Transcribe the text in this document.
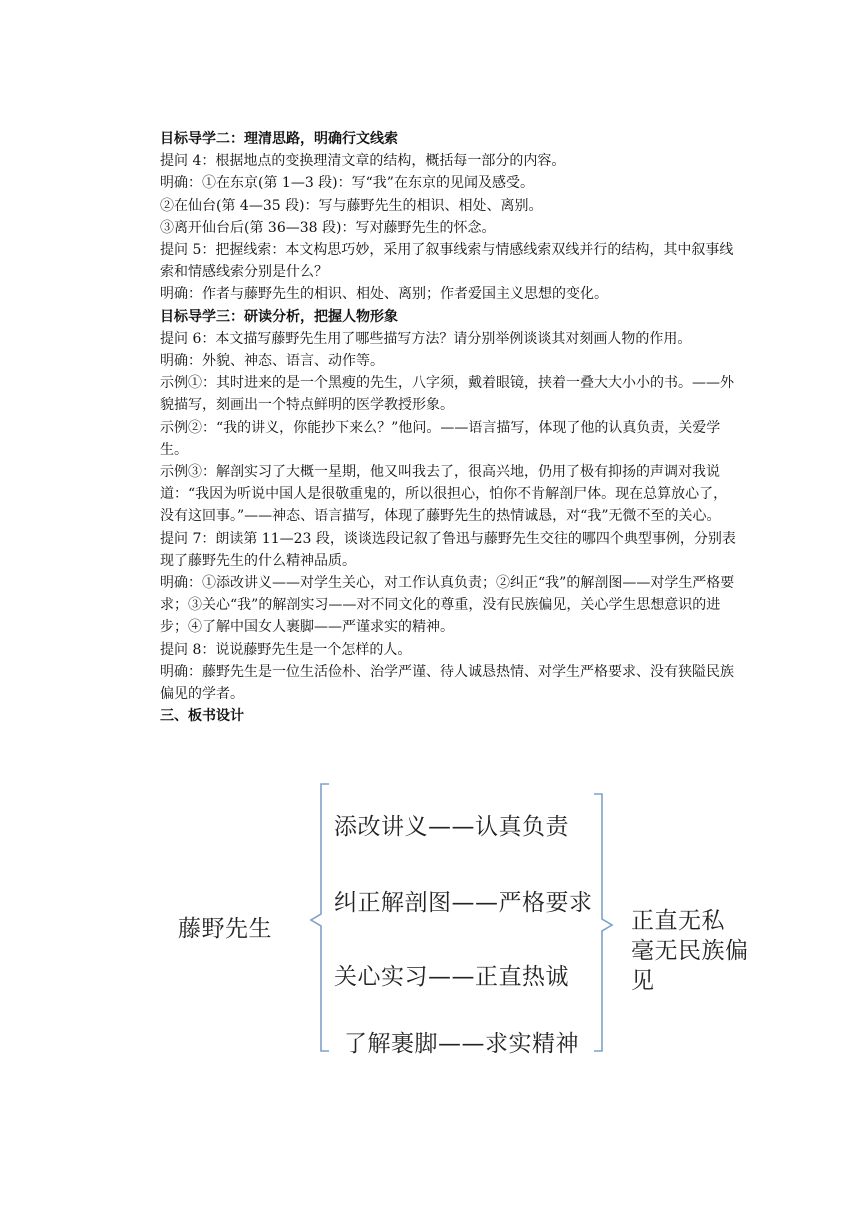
目标导学二：理清思路，明确行文线索

提问 4：根据地点的变换理清文章的结构，概括每一部分的内容。

明确：①在东京(第 1—3 段)：写“我”在东京的见闻及感受。

②在仙台(第 4—35 段)：写与藤野先生的相识、相处、离别。

③离开仙台后(第 36—38 段)：写对藤野先生的怀念。

提问 5：把握线索：本文构思巧妙，采用了叙事线索与情感线索双线并行的结构，其中叙事线索和情感线索分别是什么？

明确：作者与藤野先生的相识、相处、离别；作者爱国主义思想的变化。

目标导学三：研读分析，把握人物形象

提问 6：本文描写藤野先生用了哪些描写方法？请分别举例谈谈其对刻画人物的作用。

明确：外貌、神态、语言、动作等。

示例①：其时进来的是一个黑瘦的先生，八字须，戴着眼镜，挟着一叠大大小小的书。——外貌描写，刻画出一个特点鲜明的医学教授形象。

示例②：“我的讲义，你能抄下来么？”他问。——语言描写，体现了他的认真负责，关爱学生。

示例③：解剖实习了大概一星期，他又叫我去了，很高兴地，仍用了极有抑扬的声调对我说道：“我因为听说中国人是很敬重鬼的，所以很担心，怕你不肯解剖尸体。现在总算放心了，没有这回事。”——神态、语言描写，体现了藤野先生的热情诚恳，对“我”无微不至的关心。

提问 7：朗读第 11—23 段，谈谈选段记叙了鲁迅与藤野先生交往的哪四个典型事例，分别表现了藤野先生的什么精神品质。

明确：①添改讲义——对学生关心，对工作认真负责；②纠正“我”的解剖图——对学生严格要求；③关心“我”的解剖实习——对不同文化的尊重，没有民族偏见，关心学生思想意识的进步；④了解中国女人裹脚——严谨求实的精神。

提问 8：说说藤野先生是一个怎样的人。

明确：藤野先生是一位生活俭朴、治学严谨、待人诚恳热情、对学生严格要求、没有狭隘民族偏见的学者。

三、板书设计

藤野先生
添改讲义——认真负责
纠正解剖图——严格要求
关心实习——正直热诚
了解裹脚——求实精神
正直无私
毫无民族偏
见
